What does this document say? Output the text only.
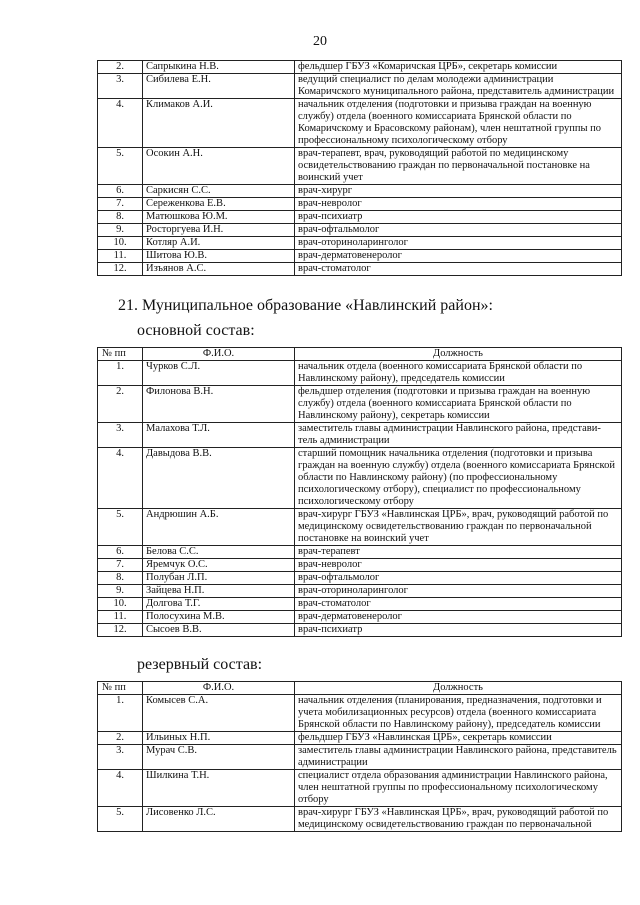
20
2.	Сапрыкина Н.В.	фельдшер ГБУЗ «Комаричская ЦРБ», секретарь комиссии
3.	Сибилева Е.Н.	ведущий специалист по делам молодежи администрации Комаричского муниципального района, представитель администрации
4.	Климаков А.И.	начальник отделения (подготовки и призыва граждан на военную службу) отдела (военного комиссариата Брянской области по Комаричскому и Брасовскому районам), член нештатной группы по профессиональному психологическому отбору
5.	Осокин А.Н.	врач-терапевт, врач, руководящий работой по медицинскому освидетельствованию граждан по первоначальной постановке на воинский учет
6.	Саркисян С.С.	врач-хирург
7.	Сереженкова Е.В.	врач-невролог
8.	Матюшкова Ю.М.	врач-психиатр
9.	Росторгуева И.Н.	врач-офтальмолог
10.	Котляр А.И.	врач-оториноларинголог
11.	Шитова Ю.В.	врач-дерматовенеролог
12.	Изъянов А.С.	врач-стоматолог
21. Муниципальное образование «Навлинский район»:
основной состав:
№ пп	Ф.И.О.	Должность
1.	Чурков С.Л.	начальник отдела (военного комиссариата Брянской области по Навлинскому району), председатель комиссии
2.	Филонова В.Н.	фельдшер отделения (подготовки и призыва граждан на военную службу) отдела (военного комиссариата Брянской области по Навлинскому району), секретарь комиссии
3.	Малахова Т.Л.	заместитель главы администрации Навлинского района, представи-тель администрации
4.	Давыдова В.В.	старший помощник начальника отделения (подготовки и призыва граждан на военную службу) отдела (военного комиссариата Брянской области по Навлинскому району) (по профессиональному психологическому отбору), специалист по профессиональному психологическому отбору
5.	Андрюшин А.Б.	врач-хирург ГБУЗ «Навлинская ЦРБ», врач, руководящий работой по медицинскому освидетельствованию граждан по первоначальной постановке на воинский учет
6.	Белова С.С.	врач-терапевт
7.	Яремчук О.С.	врач-невролог
8.	Полубан Л.П.	врач-офтальмолог
9.	Зайцева Н.П.	врач-оториноларинголог
10.	Долгова Т.Г.	врач-стоматолог
11.	Полосухина М.В.	врач-дерматовенеролог
12.	Сысоев В.В.	врач-психиатр
резервный состав:
№ пп	Ф.И.О.	Должность
1.	Комысев С.А.	начальник отделения (планирования, предназначения, подготовки и учета мобилизационных ресурсов) отдела (военного комиссариата Брянской области по Навлинскому району), председатель комиссии
2.	Ильиных Н.П.	фельдшер ГБУЗ «Навлинская ЦРБ», секретарь комиссии
3.	Мурач С.В.	заместитель главы администрации Навлинского района, представитель администрации
4.	Шилкина Т.Н.	специалист отдела образования администрации Навлинского района, член нештатной группы по профессиональному психологическому отбору
5.	Лисовенко Л.С.	врач-хирург ГБУЗ «Навлинская ЦРБ», врач, руководящий работой по медицинскому освидетельствованию граждан по первоначальной
